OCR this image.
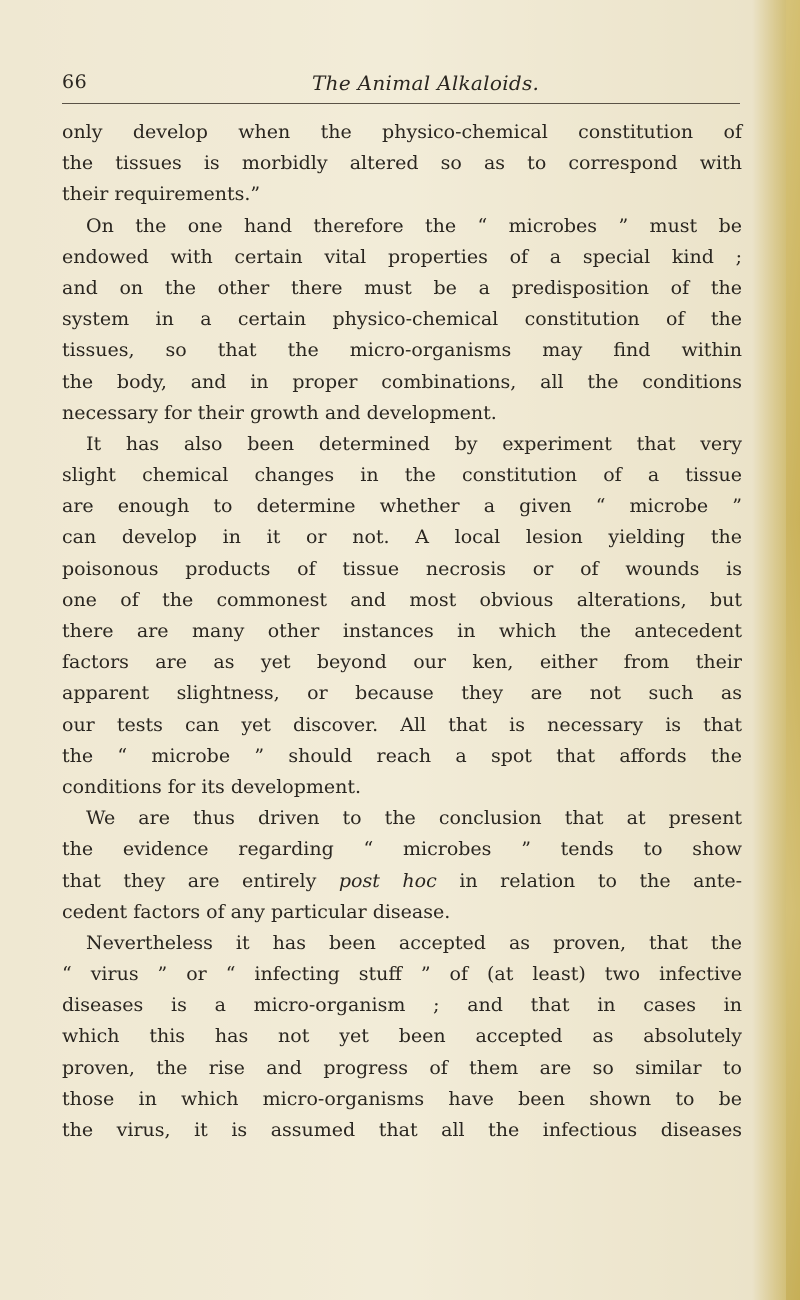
66	The Animal Alkaloids.
only develop when the physico-chemical constitution of
the tissues is morbidly altered so as to correspond with
their requirements.”
On the one hand therefore the “ microbes ” must be
endowed with certain vital properties of a special kind ;
and on the other there must be a predisposition of the
system in a certain physico-chemical constitution of the
tissues, so that the micro-organisms may find within
the body, and in proper combinations, all the conditions
necessary for their growth and development.
It has also been determined by experiment that very
slight chemical changes in the constitution of a tissue
are enough to determine whether a given “ microbe ”
can develop in it or not. A local lesion yielding the
poisonous products of tissue necrosis or of wounds is
one of the commonest and most obvious alterations, but
there are many other instances in which the antecedent
factors are as yet beyond our ken, either from their
apparent slightness, or because they are not such as
our tests can yet discover. All that is necessary is that
the “ microbe ” should reach a spot that affords the
conditions for its development.
We are thus driven to the conclusion that at present
the evidence regarding “ microbes ” tends to show
that they are entirely post hoc in relation to the ante-
cedent factors of any particular disease.
Nevertheless it has been accepted as proven, that the
“ virus ” or “ infecting stuff ” of (at least) two infective
diseases is a micro-organism ; and that in cases in
which this has not yet been accepted as absolutely
proven, the rise and progress of them are so similar to
those in which micro-organisms have been shown to be
the virus, it is assumed that all the infectious diseases
